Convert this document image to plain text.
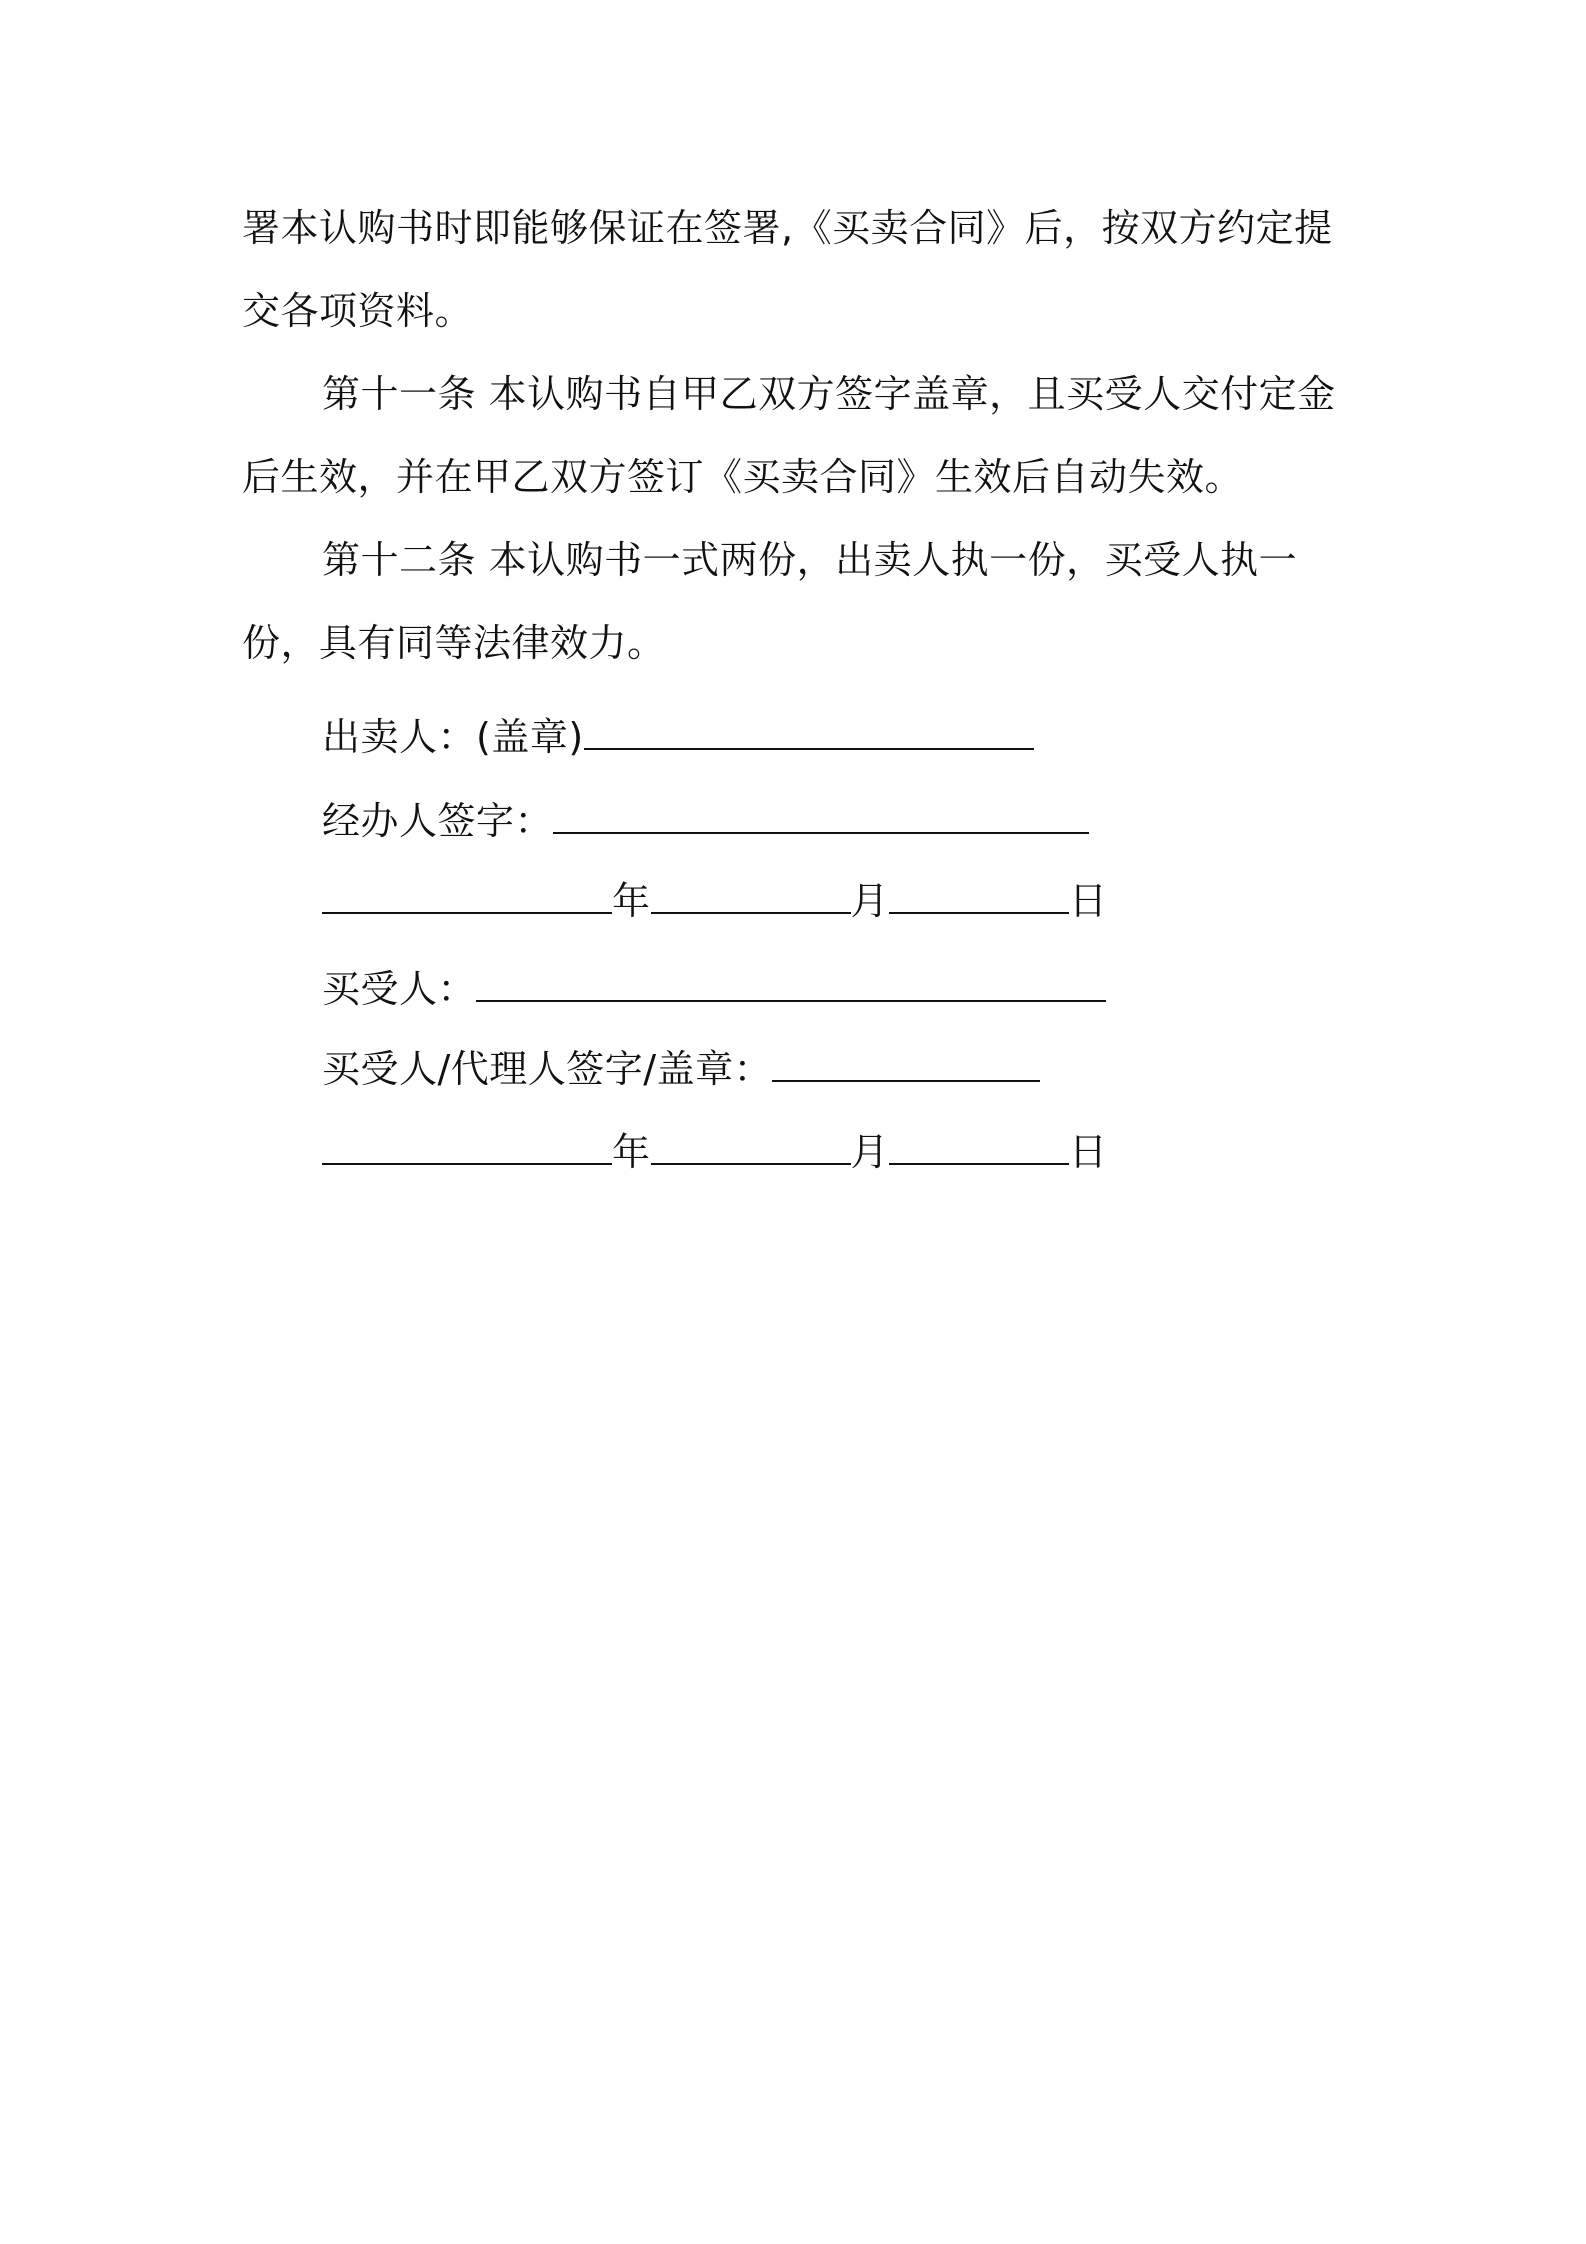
署本认购书时即能够保证在签署,《买卖合同》后，按双方约定提交各项资料。
第十一条 本认购书自甲乙双方签字盖章，且买受人交付定金后生效，并在甲乙双方签订《买卖合同》生效后自动失效。
第十二条 本认购书一式两份，出卖人执一份，买受人执一份，具有同等法律效力。
出卖人：(盖章)
经办人签字：
年	月	日
买受人：
买受人/代理人签字/盖章：
年	月	日
